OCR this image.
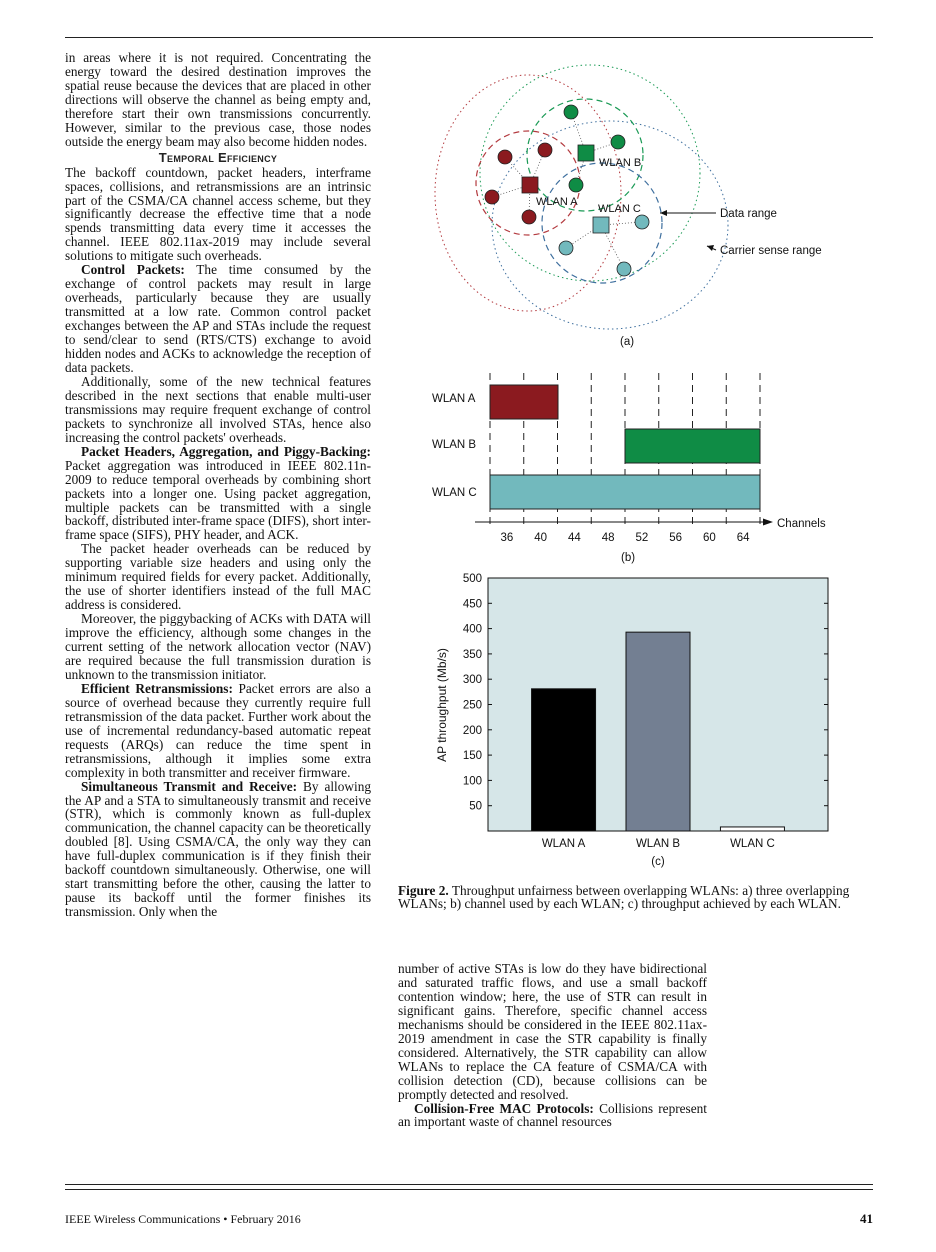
in areas where it is not required. Concentrating the energy toward the desired destination improves the spatial reuse because the devices that are placed in other directions will observe the channel as being empty and, therefore start their own transmissions concurrently. However, similar to the previous case, those nodes outside the energy beam may also become hidden nodes.

Temporal Efficiency

The backoff countdown, packet headers, interframe spaces, collisions, and retransmissions are an intrinsic part of the CSMA/CA channel access scheme, but they significantly decrease the effective time that a node spends transmitting data every time it accesses the channel. IEEE 802.11ax-2019 may include several solutions to mitigate such overheads.

Control Packets: The time consumed by the exchange of control packets may result in large overheads, particularly because they are usually transmitted at a low rate. Common control packet exchanges between the AP and STAs include the request to send/clear to send (RTS/CTS) exchange to avoid hidden nodes and ACKs to acknowledge the reception of data packets.

Additionally, some of the new technical features described in the next sections that enable multi-user transmissions may require frequent exchange of control packets to synchronize all involved STAs, hence also increasing the control packets' overheads.

Packet Headers, Aggregation, and Piggy-Backing: Packet aggregation was introduced in IEEE 802.11n-2009 to reduce temporal overheads by combining short packets into a longer one. Using packet aggregation, multiple packets can be transmitted with a single backoff, distributed inter-frame space (DIFS), short inter-frame space (SIFS), PHY header, and ACK.

The packet header overheads can be reduced by supporting variable size headers and using only the minimum required fields for every packet. Additionally, the use of shorter identifiers instead of the full MAC address is considered.

Moreover, the piggybacking of ACKs with DATA will improve the efficiency, although some changes in the current setting of the network allocation vector (NAV) are required because the full transmission duration is unknown to the transmission initiator.

Efficient Retransmissions: Packet errors are also a source of overhead because they currently require full retransmission of the data packet. Further work about the use of incremental redundancy-based automatic repeat requests (ARQs) can reduce the time spent in retransmissions, although it implies some extra complexity in both transmitter and receiver firmware.

Simultaneous Transmit and Receive: By allowing the AP and a STA to simultaneously transmit and receive (STR), which is commonly known as full-duplex communication, the channel capacity can be theoretically doubled [8]. Using CSMA/CA, the only way they can have full-duplex communication is if they finish their backoff countdown simultaneously. Otherwise, one will start transmitting before the other, causing the latter to pause its backoff until the former finishes its transmission. Only when the

WLAN B
WLAN A
WLAN C	Data range
Carrier sense range
(a)
WLAN A
WLAN B
WLAN C
Channels
36 40 44 48 52 56 60 64
(b)
50
100
150
200
250
300
350
400
450
500
WLAN A	WLAN B	WLAN C
AP throughput (Mb/s)
(c)
Figure 2. Throughput unfairness between overlapping WLANs: a) three overlapping WLANs; b) channel used by each WLAN; c) throughput achieved by each WLAN.

number of active STAs is low do they have bidirectional and saturated traffic flows, and use a small backoff contention window; here, the use of STR can result in significant gains. Therefore, specific channel access mechanisms should be considered in the IEEE 802.11ax-2019 amendment in case the STR capability is finally considered. Alternatively, the STR capability can allow WLANs to replace the CA feature of CSMA/CA with collision detection (CD), because collisions can be promptly detected and resolved.

Collision-Free MAC Protocols: Collisions represent an important waste of channel resources

IEEE Wireless Communications • February 2016	41
